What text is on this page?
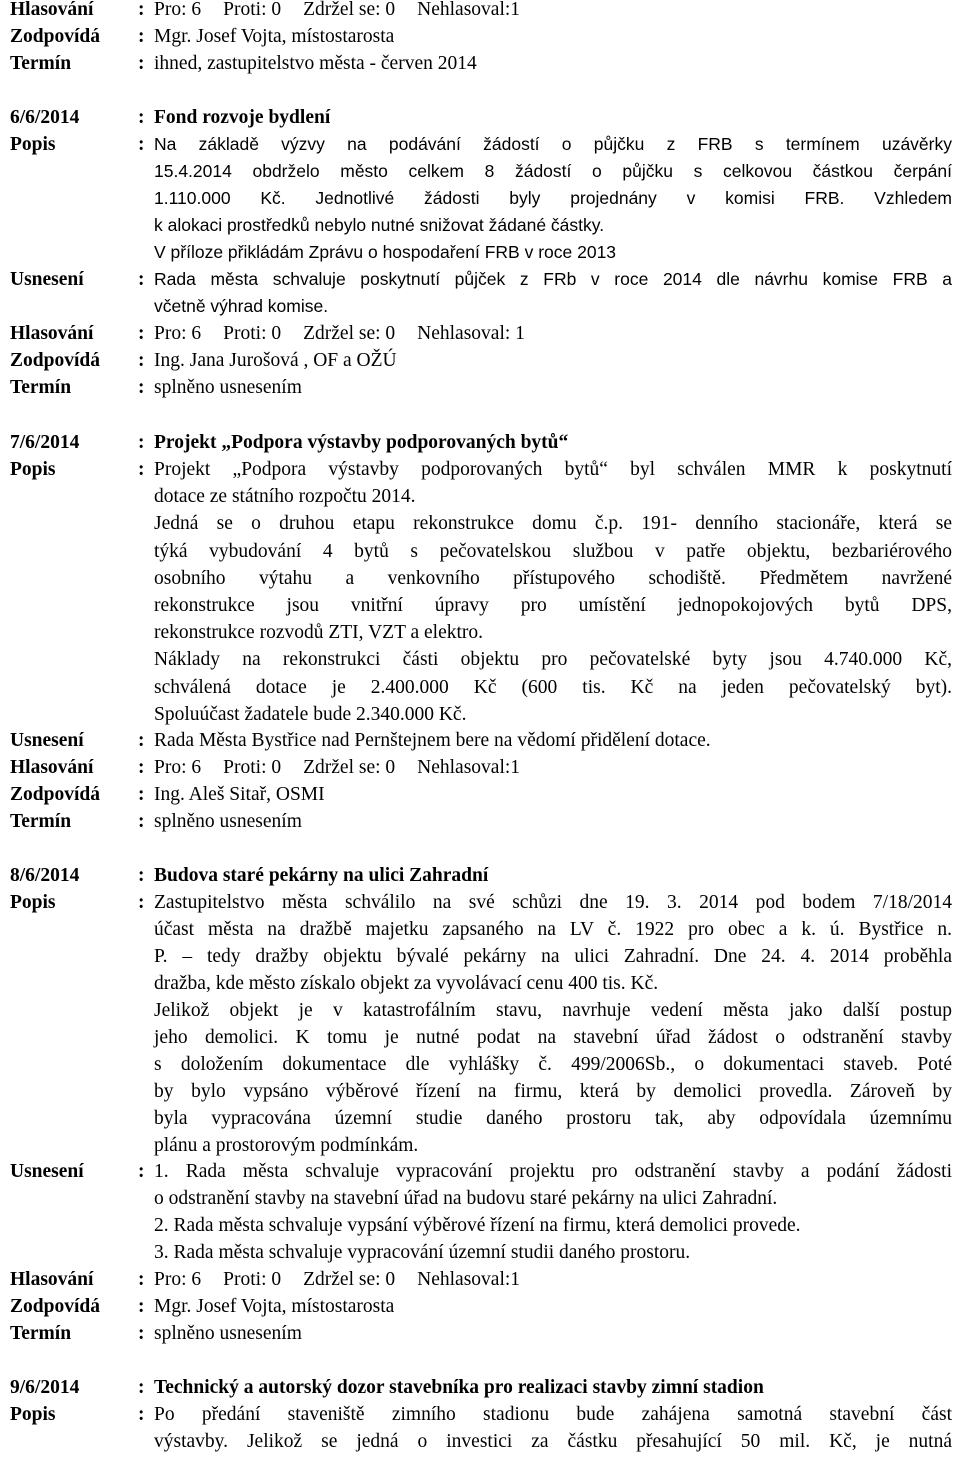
Hlasování	: Pro: 6 Proti: 0 Zdržel se: 0 Nehlasoval:1
Zodpovídá	: Mgr. Josef Vojta, místostarosta
Termín	: ihned, zastupitelstvo města - červen 2014
6/6/2014	: Fond rozvoje bydlení
Popis	: Na základě výzvy na podávání žádostí o půjčku z FRB s termínem uzávěrky
15.4.2014 obdrželo město celkem 8 žádostí o půjčku s celkovou částkou čerpání
1.110.000 Kč. Jednotlivé žádosti byly projednány v komisi FRB. Vzhledem
k alokaci prostředků nebylo nutné snižovat žádané částky.
V příloze přikládám Zprávu o hospodaření FRB v roce 2013
Usnesení	: Rada města schvaluje poskytnutí půjček z FRb v roce 2014 dle návrhu komise FRB a
včetně výhrad komise.
Hlasování	: Pro: 6 Proti: 0 Zdržel se: 0 Nehlasoval: 1
Zodpovídá	: Ing. Jana Jurošová , OF a OŽÚ
Termín	: splněno usnesením
7/6/2014	: Projekt „Podpora výstavby podporovaných bytů“
Popis	: Projekt „Podpora výstavby podporovaných bytů“ byl schválen MMR k poskytnutí
dotace ze státního rozpočtu 2014.
Jedná se o druhou etapu rekonstrukce domu č.p. 191- denního stacionáře, která se
týká vybudování 4 bytů s pečovatelskou službou v patře objektu, bezbariérového
osobního výtahu a venkovního přístupového schodiště. Předmětem navržené
rekonstrukce jsou vnitřní úpravy pro umístění jednopokojových bytů DPS,
rekonstrukce rozvodů ZTI, VZT a elektro.
Náklady na rekonstrukci části objektu pro pečovatelské byty jsou 4.740.000 Kč,
schválená dotace je 2.400.000 Kč (600 tis. Kč na jeden pečovatelský byt).
Spoluúčast žadatele bude 2.340.000 Kč.
Usnesení	: Rada Města Bystřice nad Pernštejnem bere na vědomí přidělení dotace.
Hlasování	: Pro: 6 Proti: 0 Zdržel se: 0 Nehlasoval:1
Zodpovídá	: Ing. Aleš Sitař, OSMI
Termín	: splněno usnesením
8/6/2014	: Budova staré pekárny na ulici Zahradní
Popis	: Zastupitelstvo města schválilo na své schůzi dne 19. 3. 2014 pod bodem 7/18/2014
účast města na dražbě majetku zapsaného na LV č. 1922 pro obec a k. ú. Bystřice n.
P. – tedy dražby objektu bývalé pekárny na ulici Zahradní. Dne 24. 4. 2014 proběhla
dražba, kde město získalo objekt za vyvolávací cenu 400 tis. Kč.
Jelikož objekt je v katastrofálním stavu, navrhuje vedení města jako další postup
jeho demolici. K tomu je nutné podat na stavební úřad žádost o odstranění stavby
s doložením dokumentace dle vyhlášky č. 499/2006Sb., o dokumentaci staveb. Poté
by bylo vypsáno výběrové řízení na firmu, která by demolici provedla. Zároveň by
byla vypracována územní studie daného prostoru tak, aby odpovídala územnímu
plánu a prostorovým podmínkám.
Usnesení	: 1. Rada města schvaluje vypracování projektu pro odstranění stavby a podání žádosti
o odstranění stavby na stavební úřad na budovu staré pekárny na ulici Zahradní.
2. Rada města schvaluje vypsání výběrové řízení na firmu, která demolici provede.
3. Rada města schvaluje vypracování územní studii daného prostoru.
Hlasování	: Pro: 6 Proti: 0 Zdržel se: 0 Nehlasoval:1
Zodpovídá	: Mgr. Josef Vojta, místostarosta
Termín	: splněno usnesením
9/6/2014	: Technický a autorský dozor stavebníka pro realizaci stavby zimní stadion
Popis	: Po předání staveniště zimního stadionu bude zahájena samotná stavební část
výstavby. Jelikož se jedná o investici za částku přesahující 50 mil. Kč, je nutná
